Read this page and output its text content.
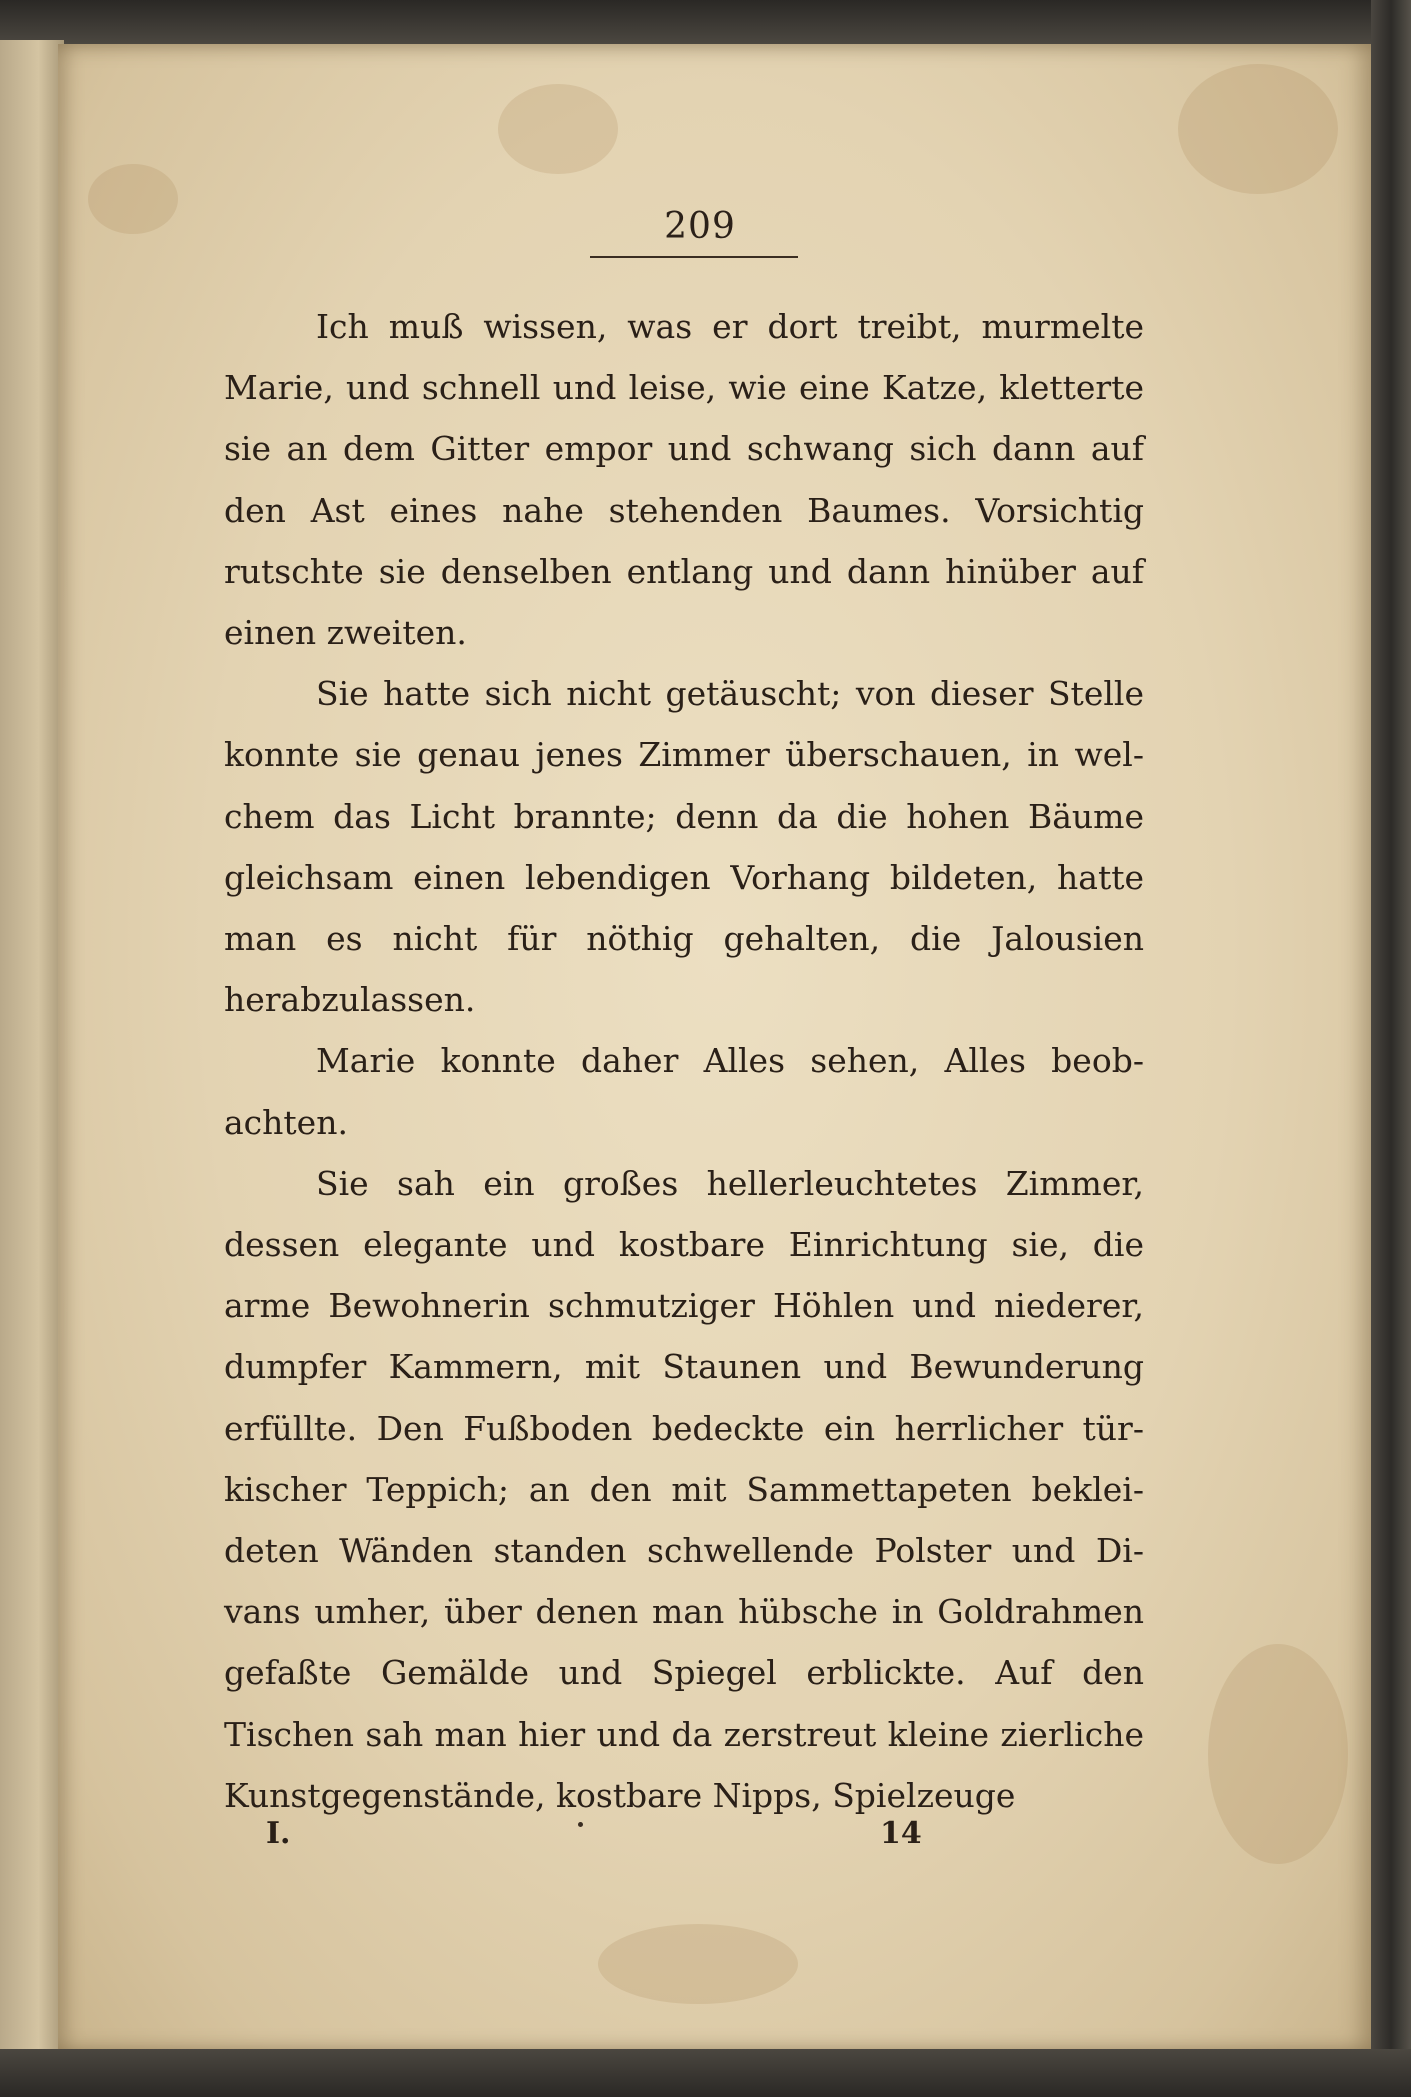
209

Ich muß wissen, was er dort treibt, murmelte Marie, und schnell und leise, wie eine Katze, kletterte sie an dem Gitter empor und schwang sich dann auf den Ast eines nahe stehenden Baumes. Vorsichtig rutschte sie denselben entlang und dann hinüber auf einen zweiten.

Sie hatte sich nicht getäuscht; von dieser Stelle konnte sie genau jenes Zimmer überschauen, in welchem das Licht brannte; denn da die hohen Bäume gleichsam einen lebendigen Vorhang bildeten, hatte man es nicht für nöthig gehalten, die Jalousien herabzulassen.

Marie konnte daher Alles sehen, Alles beobachten.

Sie sah ein großes hellerleuchtetes Zimmer, dessen elegante und kostbare Einrichtung sie, die arme Bewohnerin schmutziger Höhlen und niederer, dumpfer Kammern, mit Staunen und Bewunderung erfüllte. Den Fußboden bedeckte ein herrlicher türkischer Teppich; an den mit Sammettapeten bekleideten Wänden standen schwellende Polster und Divans umher, über denen man hübsche in Goldrahmen gefaßte Gemälde und Spiegel erblickte. Auf den Tischen sah man hier und da zerstreut kleine zierliche Kunstgegenstände, kostbare Nipps, Spielzeuge

I.	14
